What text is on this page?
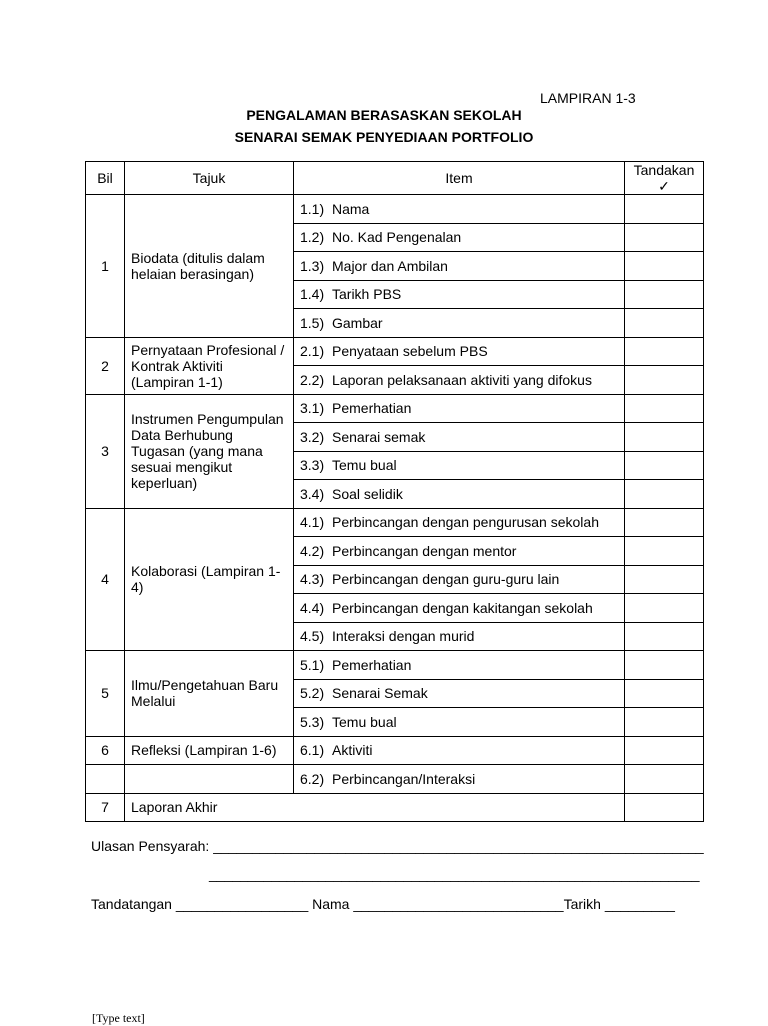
LAMPIRAN 1-3
PENGALAMAN BERASASKAN SEKOLAH
SENARAI SEMAK PENYEDIAAN PORTFOLIO
Bil	Tajuk	Item	Tandakan
✓

1	Biodata (ditulis dalam helaian berasingan)	1.1) Nama	
		1.2) No. Kad Pengenalan	
		1.3) Major dan Ambilan	
		1.4) Tarikh PBS	
		1.5) Gambar	
2	Pernyataan Profesional / Kontrak Aktiviti (Lampiran 1-1)	2.1) Penyataan sebelum PBS	
		2.2) Laporan pelaksanaan aktiviti yang difokus	
3	Instrumen Pengumpulan Data Berhubung Tugasan (yang mana sesuai mengikut keperluan)	3.1) Pemerhatian	
		3.2) Senarai semak	
		3.3) Temu bual	
		3.4) Soal selidik	
4	Kolaborasi (Lampiran 1-4)	4.1) Perbincangan dengan pengurusan sekolah	
		4.2) Perbincangan dengan mentor	
		4.3) Perbincangan dengan guru-guru lain	
		4.4) Perbincangan dengan kakitangan sekolah	
		4.5) Interaksi dengan murid	
5	Ilmu/Pengetahuan Baru Melalui	5.1) Pemerhatian	
		5.2) Senarai Semak	
		5.3) Temu bual	
6	Refleksi (Lampiran 1-6)	6.1) Aktiviti	
		6.2) Perbincangan/Interaksi	
7	Laporan Akhir		
Ulasan Pensyarah: _______________________________________________________________
_______________________________________________________________
Tandatangan _________________ Nama ___________________________Tarikh _________
[Type text]
